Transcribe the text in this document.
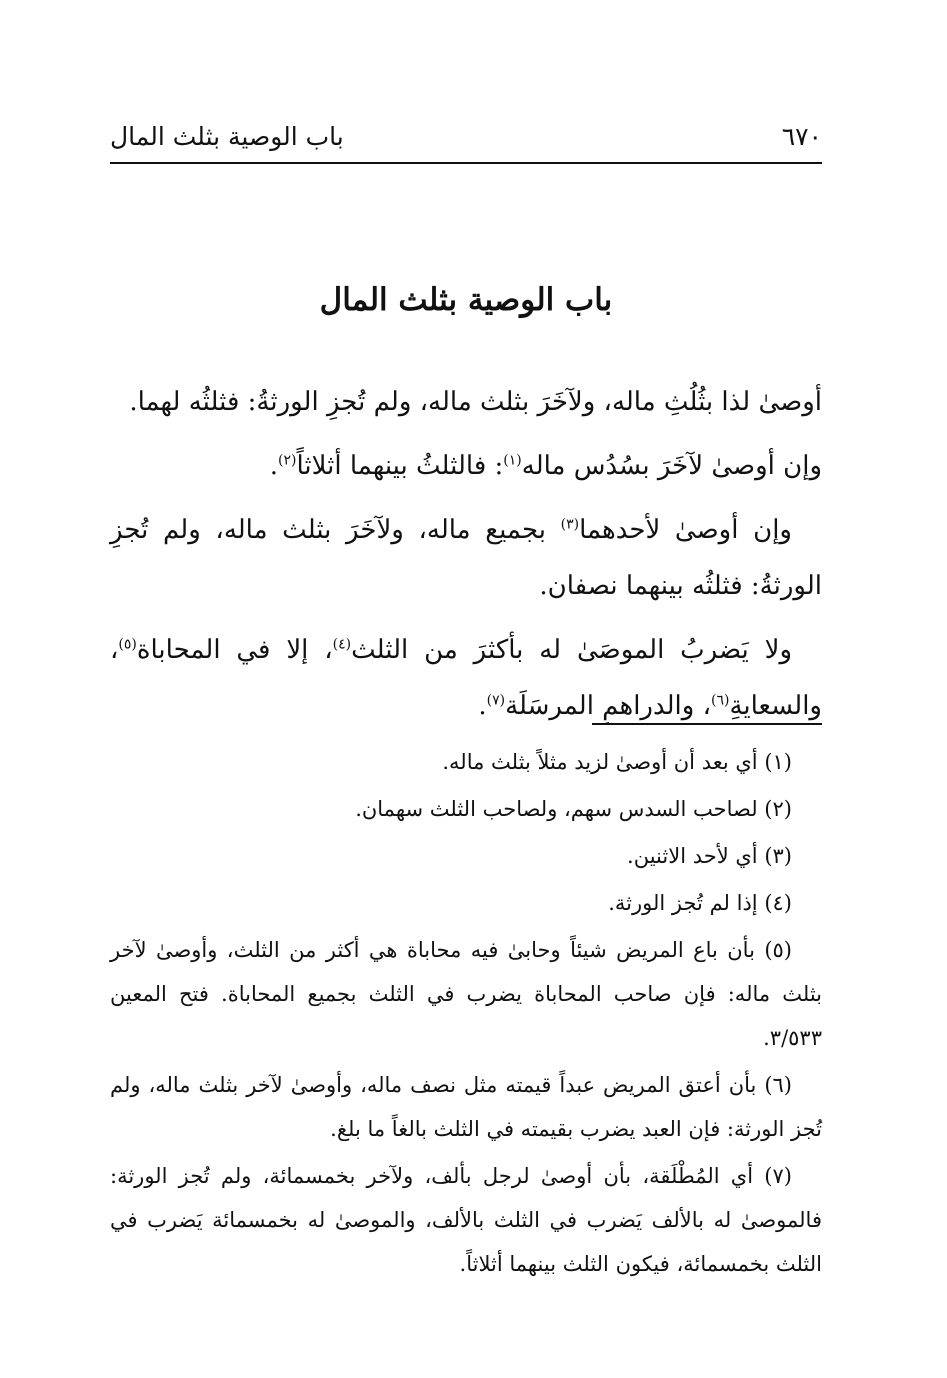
باب الوصية بثلث المال	٦٧٠
باب الوصية بثلث المال

أوصىٰ لذا بثُلُثِ ماله، ولآخَرَ بثلث ماله، ولم تُجزِ الورثةُ: فثلثُه لهما.

وإن أوصىٰ لآخَرَ بسُدُس ماله$^{(١)}$: فالثلثُ بينهما أثلاثاً$^{(٢)}$.

وإن أوصىٰ لأحدهما$^{(٣)}$ بجميع ماله، ولآخَرَ بثلث ماله، ولم تُجزِ الورثةُ: فثلثُه بينهما نصفان.

ولا يَضربُ الموصَىٰ له بأكثرَ من الثلث$^{(٤)}$، إلا في المحاباة$^{(٥)}$، والسعايةِ$^{(٦)}$، والدراهمِ المرسَلَة$^{(٧)}$.

(١) أي بعد أن أوصىٰ لزيد مثلاً بثلث ماله.

(٢) لصاحب السدس سهم، ولصاحب الثلث سهمان.

(٣) أي لأحد الاثنين.

(٤) إذا لم تُجز الورثة.

(٥) بأن باع المريض شيئاً وحابىٰ فيه محاباة هي أكثر من الثلث، وأوصىٰ لآخر بثلث ماله: فإن صاحب المحاباة يضرب في الثلث بجميع المحاباة. فتح المعين ٣/٥٣٣.

(٦) بأن أعتق المريض عبداً قيمته مثل نصف ماله، وأوصىٰ لآخر بثلث ماله، ولم تُجز الورثة: فإن العبد يضرب بقيمته في الثلث بالغاً ما بلغ.

(٧) أي المُطْلَقة، بأن أوصىٰ لرجل بألف، ولآخر بخمسمائة، ولم تُجز الورثة: فالموصىٰ له بالألف يَضرب في الثلث بالألف، والموصىٰ له بخمسمائة يَضرب في الثلث بخمسمائة، فيكون الثلث بينهما أثلاثاً.
